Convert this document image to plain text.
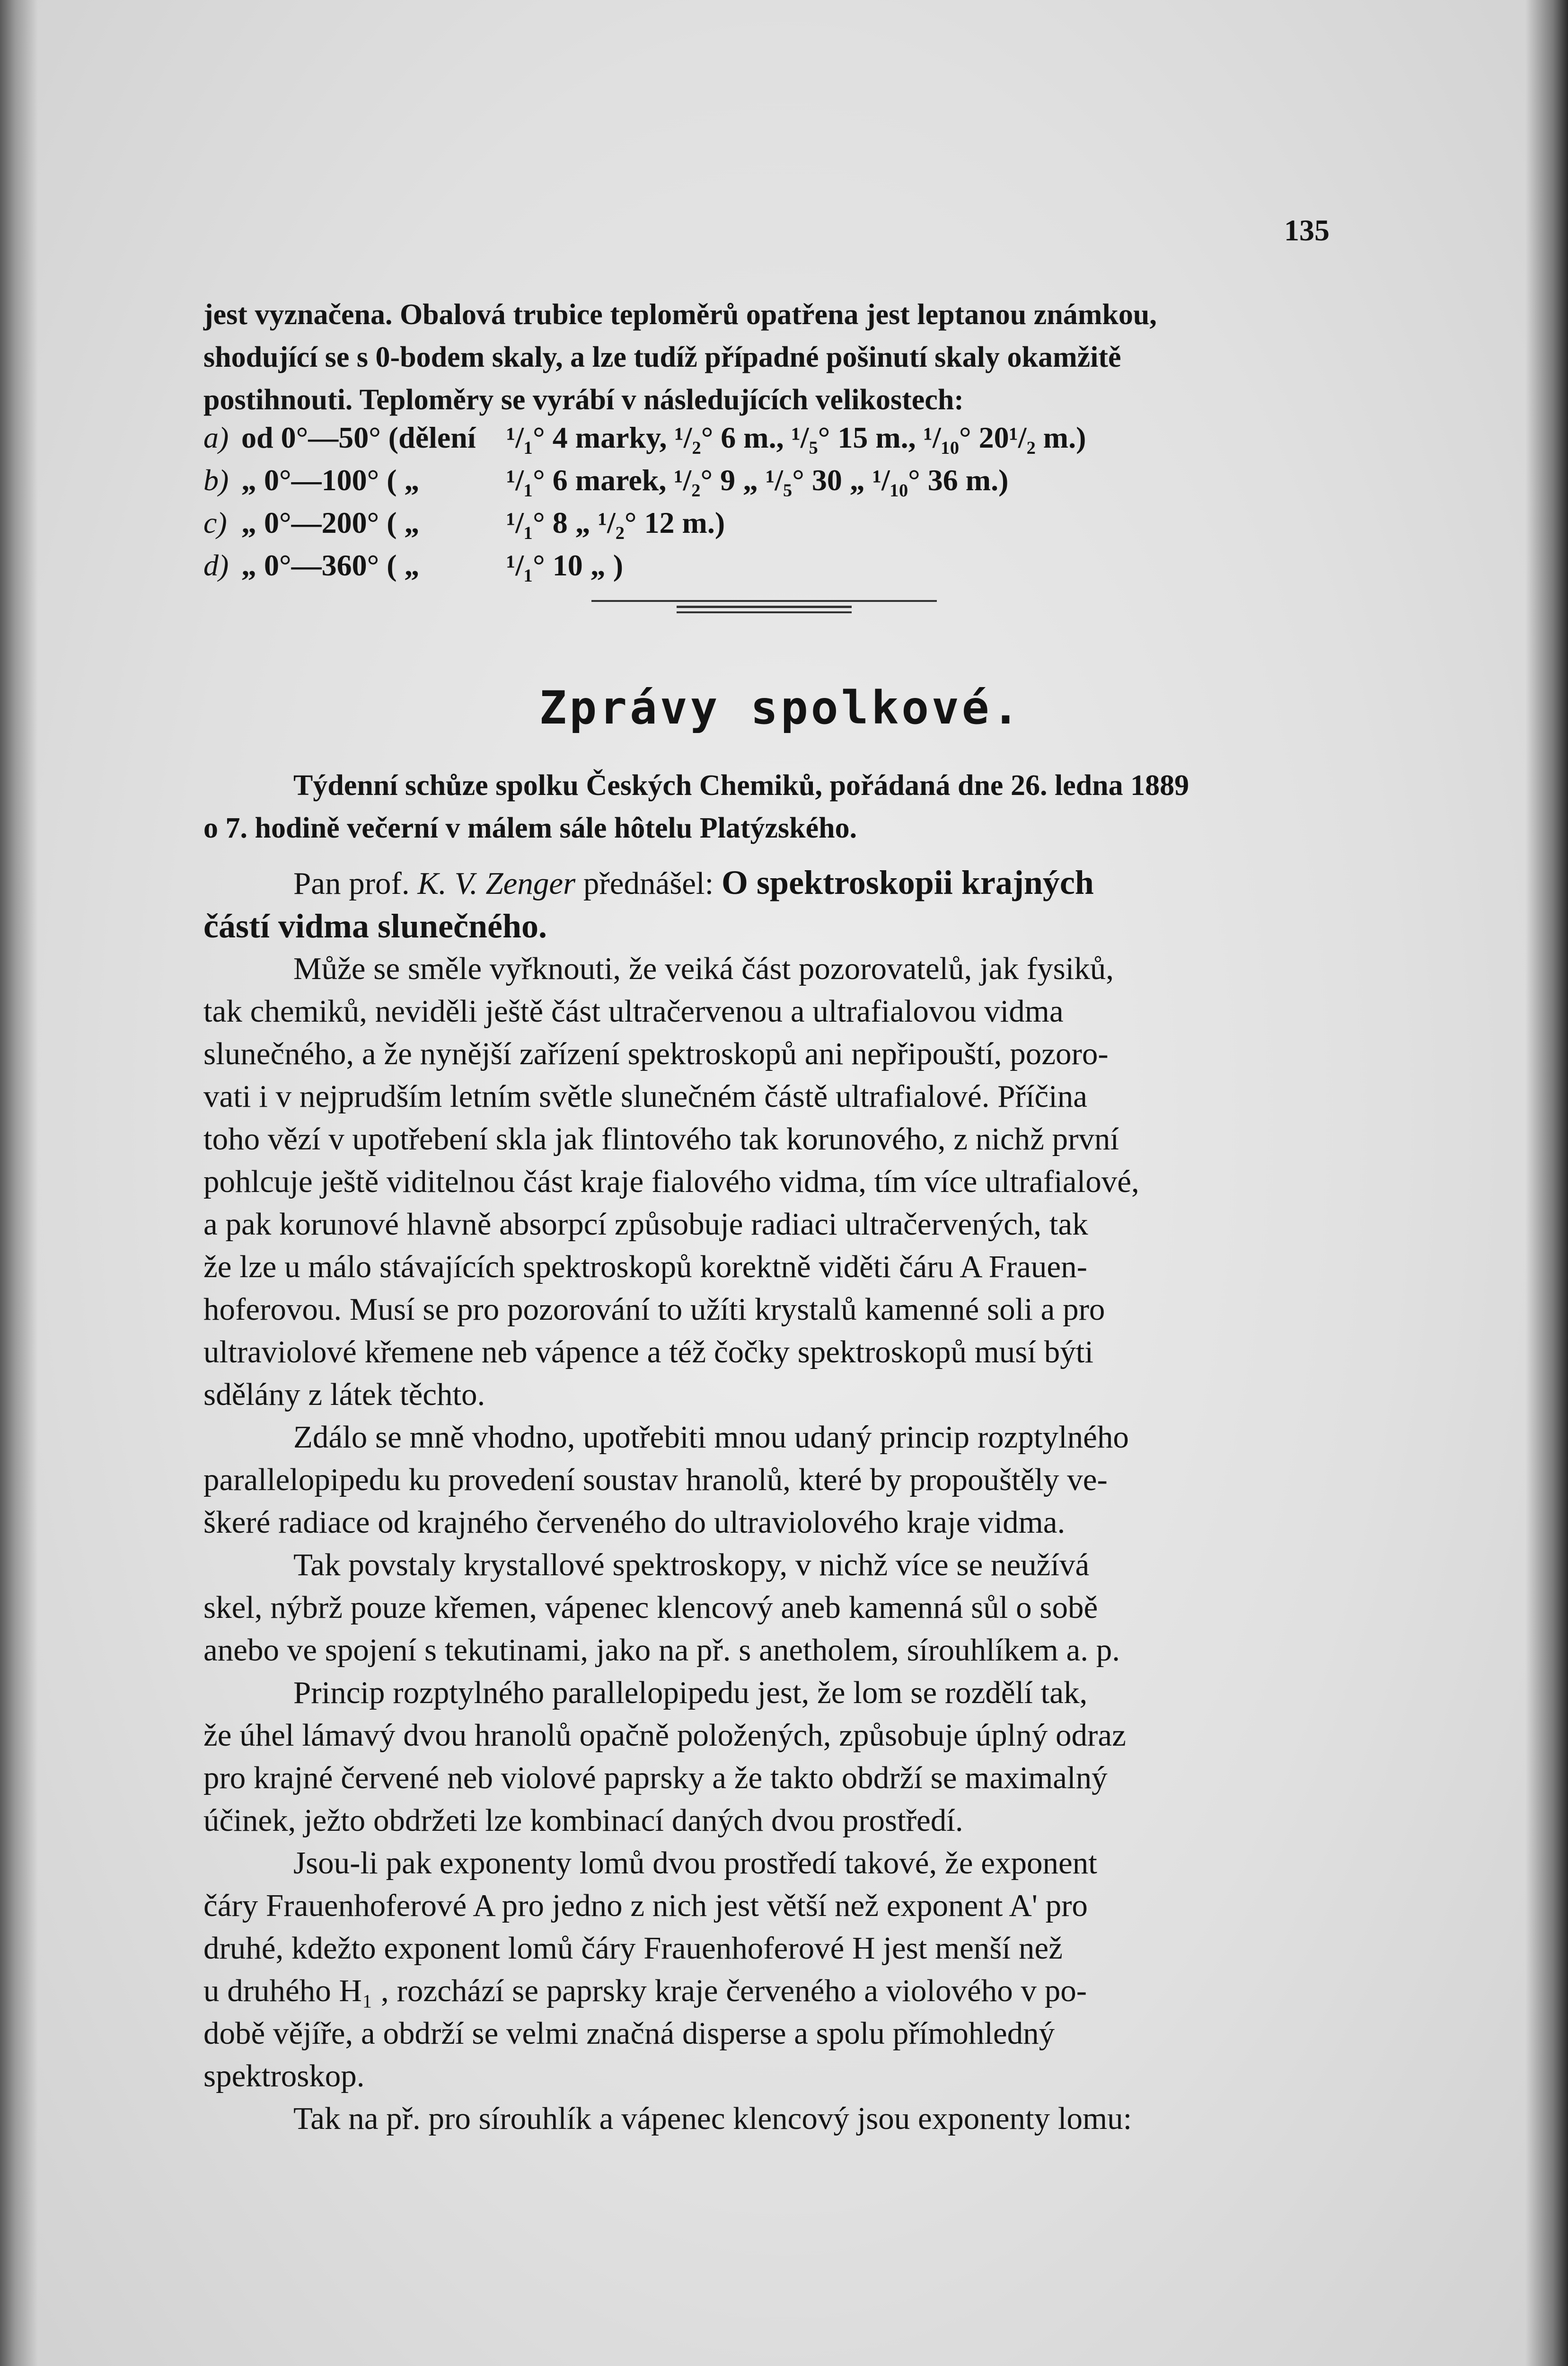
135
jest vyznačena. Obalová trubice teploměrů opatřena jest leptanou známkou,
shodující se s 0-bodem skaly, a lze tudíž případné pošinutí skaly okamžitě
postihnouti. Teploměry se vyrábí v následujících velikostech:
a) od 0°—50° (dělení	¹/₁° 4 marky, ¹/₂° 6 m., ¹/₅° 15 m., ¹/₁₀° 20¹/₂ m.)
b) „ 0°—100° ( „	¹/₁° 6 marek, ¹/₂° 9 „ ¹/₅° 30 „ ¹/₁₀° 36 m.)
c) „ 0°—200° ( „	¹/₁° 8 „ ¹/₂° 12 m.)
d) „ 0°—360° ( „	¹/₁° 10 „ )
Zprávy spolkové.
Týdenní schůze spolku Českých Chemiků, pořádaná dne 26. ledna 1889
o 7. hodině večerní v málem sále hôtelu Platýzského.

Pan prof. K. V. Zenger přednášel: O spektroskopii krajných
částí vidma slunečného.

Může se směle vyřknouti, že veiká část pozorovatelů, jak fysiků,
tak chemiků, neviděli ještě část ultračervenou a ultrafialovou vidma
slunečného, a že nynější zařízení spektroskopů ani nepřipouští, pozoro-
vati i v nejprudším letním světle slunečném částě ultrafialové. Příčina
toho vězí v upotřebení skla jak flintového tak korunového, z nichž první
pohlcuje ještě viditelnou část kraje fialového vidma, tím více ultrafialové,
a pak korunové hlavně absorpcí způsobuje radiaci ultračervených, tak
že lze u málo stávajících spektroskopů korektně viděti čáru A Frauen-
hoferovou. Musí se pro pozorování to užíti krystalů kamenné soli a pro
ultraviolové křemene neb vápence a též čočky spektroskopů musí býti
sdělány z látek těchto.

Zdálo se mně vhodno, upotřebiti mnou udaný princip rozptylného
parallelopipedu ku provedení soustav hranolů, které by propouštěly ve-
škeré radiace od krajného červeného do ultraviolového kraje vidma.

Tak povstaly krystallové spektroskopy, v nichž více se neužívá
skel, nýbrž pouze křemen, vápenec klencový aneb kamenná sůl o sobě
anebo ve spojení s tekutinami, jako na př. s anetholem, sírouhlíkem a. p.

Princip rozptylného parallelopipedu jest, že lom se rozdělí tak,
že úhel lámavý dvou hranolů opačně položených, způsobuje úplný odraz
pro krajné červené neb violové paprsky a že takto obdrží se maximalný
účinek, ježto obdržeti lze kombinací daných dvou prostředí.

Jsou-li pak exponenty lomů dvou prostředí takové, že exponent
čáry Frauenhoferové A pro jedno z nich jest větší než exponent A' pro
druhé, kdežto exponent lomů čáry Frauenhoferové H jest menší než
u druhého H₁ , rozchází se paprsky kraje červeného a violového v po-
době vějíře, a obdrží se velmi značná disperse a spolu přímohledný
spektroskop.

Tak na př. pro sírouhlík a vápenec klencový jsou exponenty lomu:
